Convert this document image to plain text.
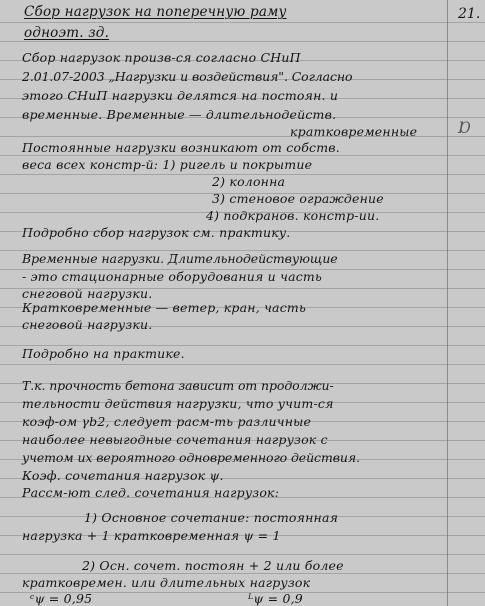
21.
Ɒ
Сбор нагрузок на поперечную раму
одноэт. зд.
Сбор нагрузок произв-ся согласно СНиП
2.01.07-2003 „Нагрузки и воздействия". Согласно
этого СНиП нагрузки делятся на постоян. и
временные. Временные — длительнодейств.
кратковременные
Постоянные нагрузки возникают от собств.
веса всех констр-й: 1) ригель и покрытие
2) колонна
3) стеновое ограждение
4) подкранов. констр-ии.
Подробно сбор нагрузок см. практику.
Временные нагрузки. Длительнодействующие
- это стационарные оборудования и часть
снеговой нагрузки.
Кратковременные — ветер, кран, часть
снеговой нагрузки.
Подробно на практике.
Т.к. прочность бетона зависит от продолжи-
тельности действия нагрузки, что учит-ся
коэф-ом γb2, следует расм-ть различные
наиболее невыгодные сочетания нагрузок с
учетом их вероятного одновременного действия.
Коэф. сочетания нагрузок ψ.
Рассм-ют след. сочетания нагрузок:
1) Основное сочетание: постоянная
нагрузка + 1 кратковременная ψ = 1
2) Осн. сочет. постоян + 2 или более
кратковремен. или длительных нагрузок
ᶜψ = 0,95	ᴸψ = 0,9
